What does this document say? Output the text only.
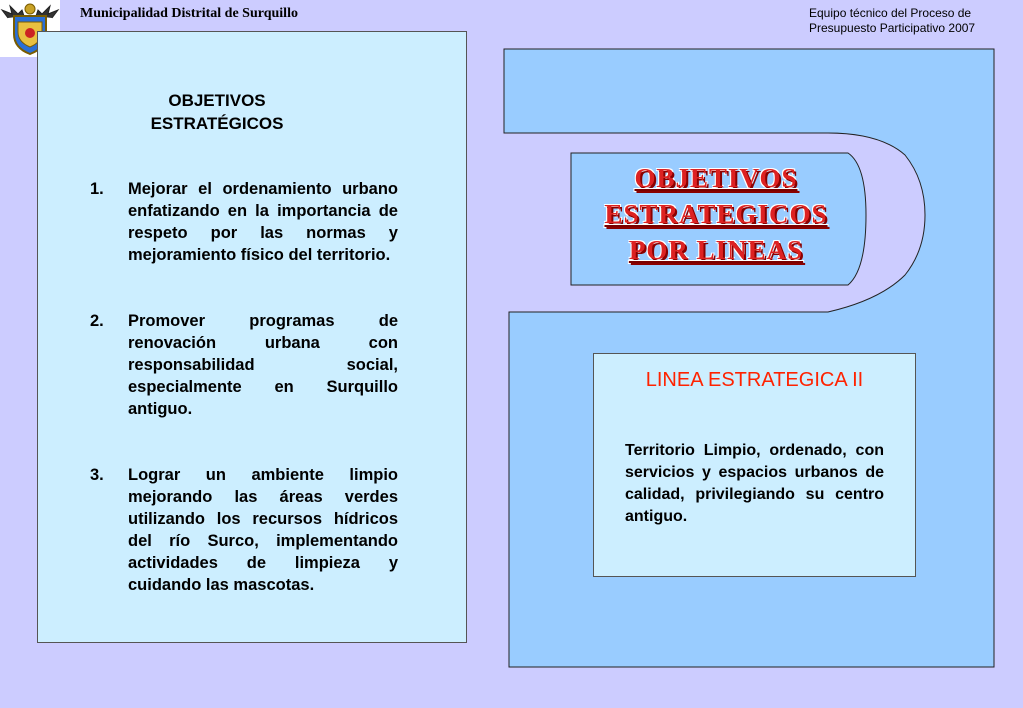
Municipalidad Distrital de Surquillo	Equipo técnico del Proceso de
Presupuesto Participativo 2007
OBJETIVOS
ESTRATÉGICOS
1. Mejorar el ordenamiento urbano enfatizando en la importancia de respeto por las normas y mejoramiento físico del territorio.
2. Promover programas de renovación urbana con responsabilidad social, especialmente en Surquillo antiguo.
3. Lograr un ambiente limpio mejorando las áreas verdes utilizando los recursos hídricos del río Surco, implementando actividades de limpieza y cuidando las mascotas.
OBJETIVOS
ESTRATEGICOS
POR LINEAS
LINEA ESTRATEGICA II
Territorio Limpio, ordenado, con servicios y espacios urbanos de calidad, privilegiando su centro antiguo.
